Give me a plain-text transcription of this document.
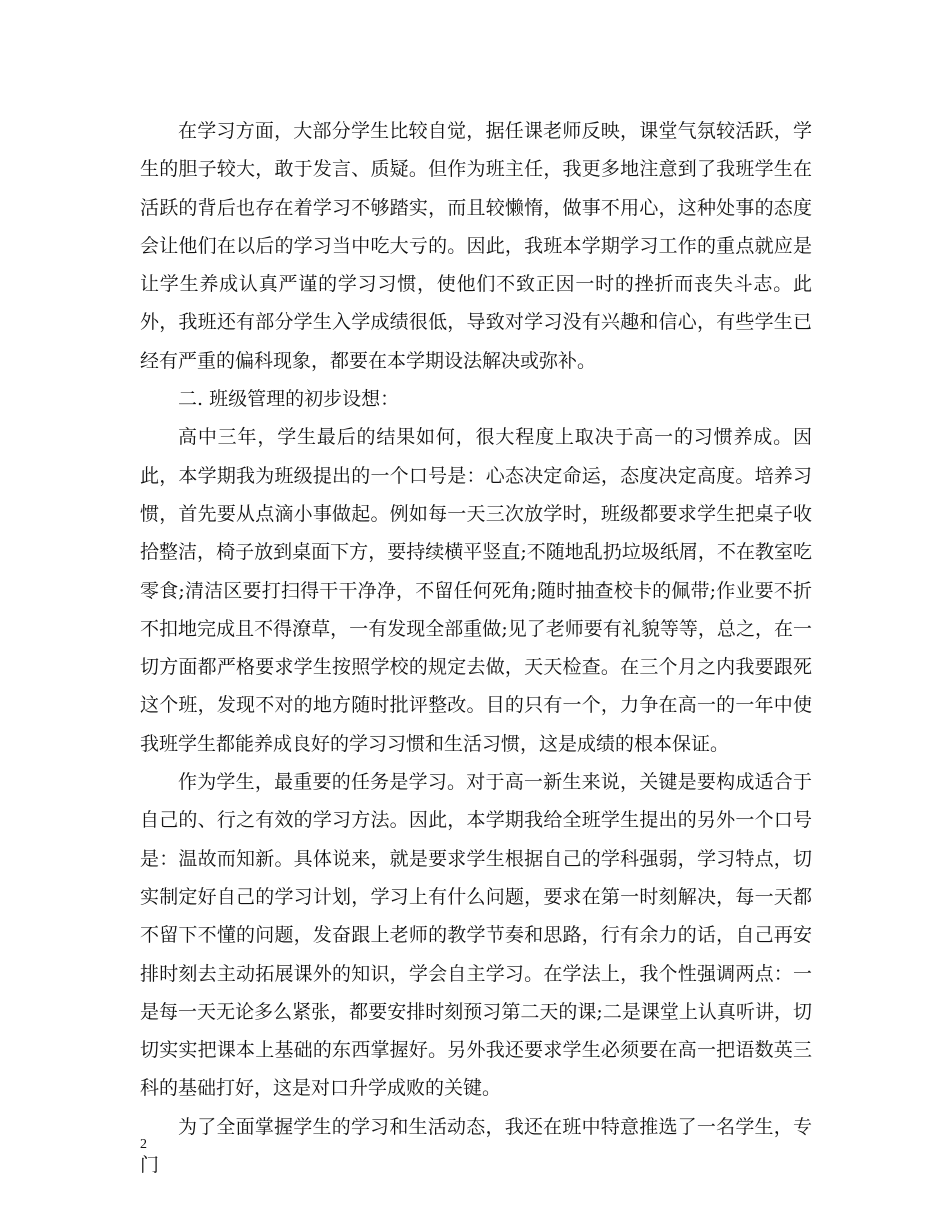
在学习方面，大部分学生比较自觉，据任课老师反映，课堂气氛较活跃，学生的胆子较大，敢于发言、质疑。但作为班主任，我更多地注意到了我班学生在活跃的背后也存在着学习不够踏实，而且较懒惰，做事不用心，这种处事的态度会让他们在以后的学习当中吃大亏的。因此，我班本学期学习工作的重点就应是让学生养成认真严谨的学习习惯，使他们不致正因一时的挫折而丧失斗志。此外，我班还有部分学生入学成绩很低，导致对学习没有兴趣和信心，有些学生已经有严重的偏科现象，都要在本学期设法解决或弥补。

二. 班级管理的初步设想：

高中三年，学生最后的结果如何，很大程度上取决于高一的习惯养成。因此，本学期我为班级提出的一个口号是：心态决定命运，态度决定高度。培养习惯，首先要从点滴小事做起。例如每一天三次放学时，班级都要求学生把桌子收拾整洁，椅子放到桌面下方，要持续横平竖直;不随地乱扔垃圾纸屑，不在教室吃零食;清洁区要打扫得干干净净，不留任何死角;随时抽查校卡的佩带;作业要不折不扣地完成且不得潦草，一有发现全部重做;见了老师要有礼貌等等，总之，在一切方面都严格要求学生按照学校的规定去做，天天检查。在三个月之内我要跟死这个班，发现不对的地方随时批评整改。目的只有一个，力争在高一的一年中使我班学生都能养成良好的学习习惯和生活习惯，这是成绩的根本保证。

作为学生，最重要的任务是学习。对于高一新生来说，关键是要构成适合于自己的、行之有效的学习方法。因此，本学期我给全班学生提出的另外一个口号是：温故而知新。具体说来，就是要求学生根据自己的学科强弱，学习特点，切实制定好自己的学习计划，学习上有什么问题，要求在第一时刻解决，每一天都不留下不懂的问题，发奋跟上老师的教学节奏和思路，行有余力的话，自己再安排时刻去主动拓展课外的知识，学会自主学习。在学法上，我个性强调两点：一是每一天无论多么紧张，都要安排时刻预习第二天的课;二是课堂上认真听讲，切切实实把课本上基础的东西掌握好。另外我还要求学生必须要在高一把语数英三科的基础打好，这是对口升学成败的关键。

为了全面掌握学生的学习和生活动态，我还在班中特意推选了一名学生，专门

2
